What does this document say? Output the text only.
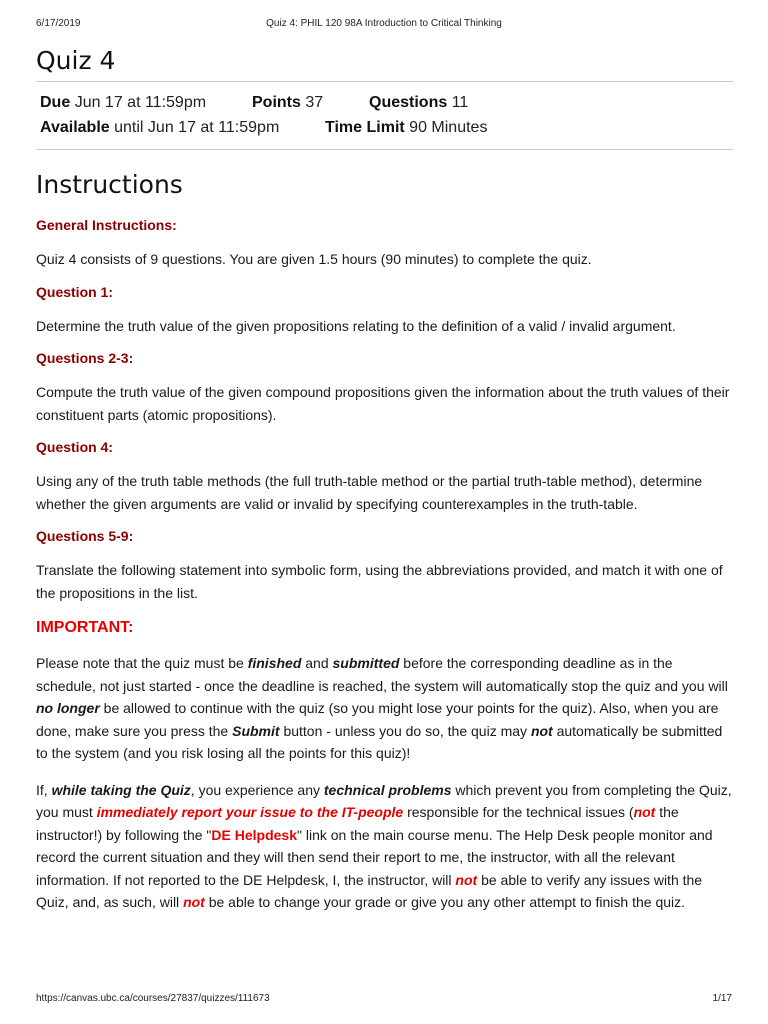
6/17/2019	Quiz 4: PHIL 120 98A Introduction to Critical Thinking
Quiz 4
Due Jun 17 at 11:59pm	Points 37	Questions 11
Available until Jun 17 at 11:59pm	Time Limit 90 Minutes
Instructions

General Instructions:

Quiz 4 consists of 9 questions. You are given 1.5 hours (90 minutes) to complete the quiz.

Question 1:

Determine the truth value of the given propositions relating to the definition of a valid / invalid argument.

Questions 2-3:

Compute the truth value of the given compound propositions given the information about the truth values of their constituent parts (atomic propositions).

Question 4:

Using any of the truth table methods (the full truth-table method or the partial truth-table method), determine whether the given arguments are valid or invalid by specifying counterexamples in the truth-table.

Questions 5-9:

Translate the following statement into symbolic form, using the abbreviations provided, and match it with one of the propositions in the list.

IMPORTANT:

Please note that the quiz must be finished and submitted before the corresponding deadline as in the schedule, not just started - once the deadline is reached, the system will automatically stop the quiz and you will no longer be allowed to continue with the quiz (so you might lose your points for the quiz). Also, when you are done, make sure you press the Submit button - unless you do so, the quiz may not automatically be submitted to the system (and you risk losing all the points for this quiz)!

If, while taking the Quiz, you experience any technical problems which prevent you from completing the Quiz, you must immediately report your issue to the IT-people responsible for the technical issues (not the instructor!) by following the "DE Helpdesk" link on the main course menu. The Help Desk people monitor and record the current situation and they will then send their report to me, the instructor, with all the relevant information. If not reported to the DE Helpdesk, I, the instructor, will not be able to verify any issues with the Quiz, and, as such, will not be able to change your grade or give you any other attempt to finish the quiz.

https://canvas.ubc.ca/courses/27837/quizzes/111673	1/17
